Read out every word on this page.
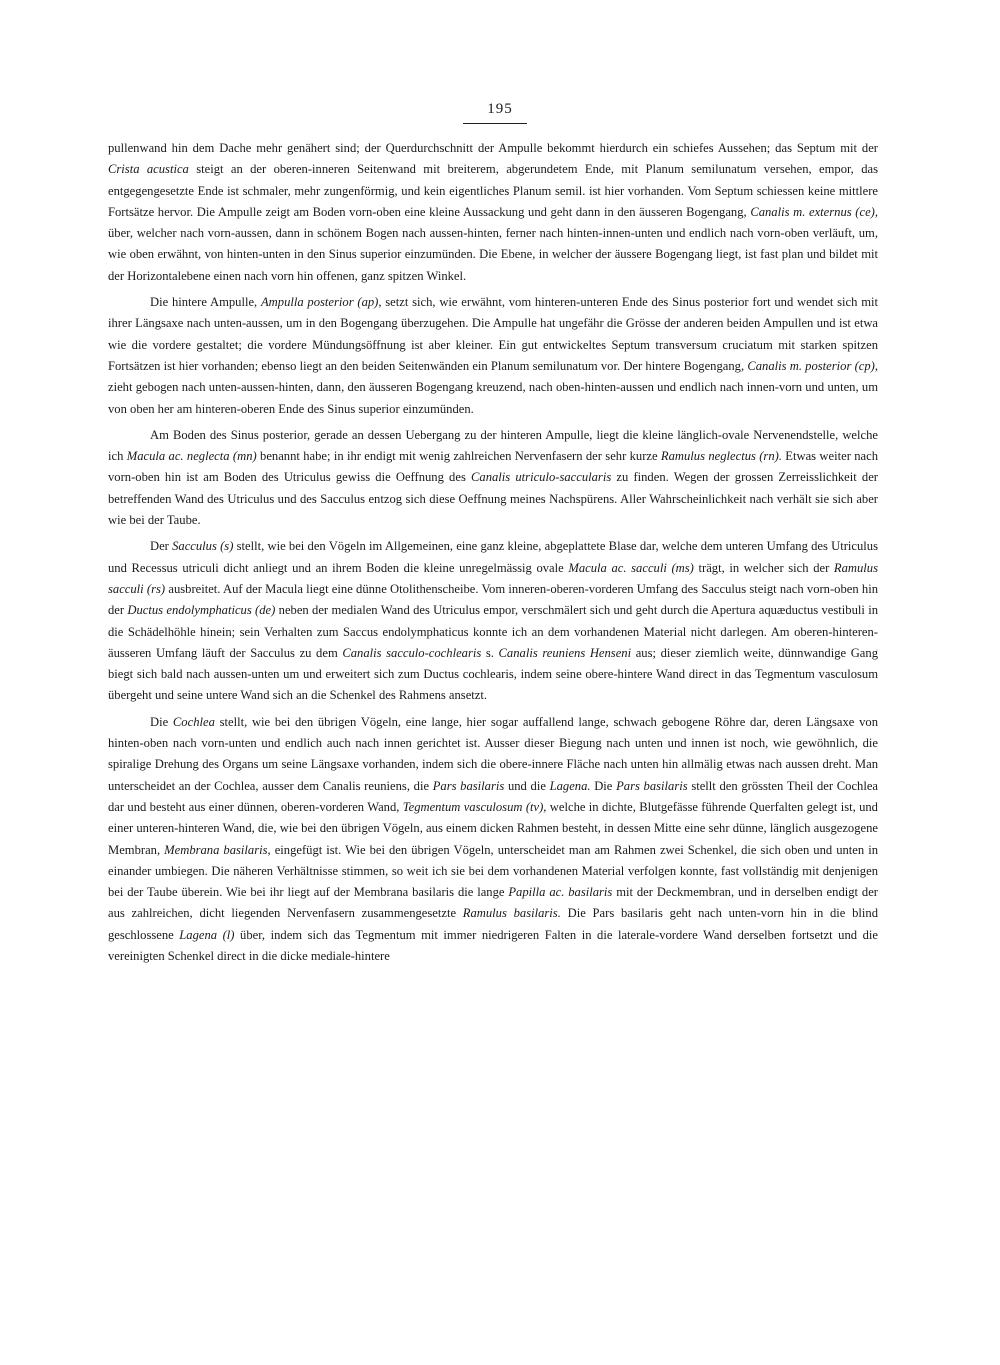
195

pullenwand hin dem Dache mehr genähert sind; der Querdurchschnitt der Ampulle bekommt hierdurch ein schiefes Aussehen; das Septum mit der Crista acustica steigt an der oberen-inneren Seitenwand mit breiterem, abgerundetem Ende, mit Planum semilunatum versehen, empor, das entgegengesetzte Ende ist schmaler, mehr zungenförmig, und kein eigentliches Planum semil. ist hier vorhanden. Vom Septum schiessen keine mittlere Fortsätze hervor. Die Ampulle zeigt am Boden vorn-oben eine kleine Aussackung und geht dann in den äusseren Bogengang, Canalis m. externus (ce), über, welcher nach vorn-aussen, dann in schönem Bogen nach aussen-hinten, ferner nach hinten-innen-unten und endlich nach vorn-oben verläuft, um, wie oben erwähnt, von hinten-unten in den Sinus superior einzumünden. Die Ebene, in welcher der äussere Bogengang liegt, ist fast plan und bildet mit der Horizontalebene einen nach vorn hin offenen, ganz spitzen Winkel.

Die hintere Ampulle, Ampulla posterior (ap), setzt sich, wie erwähnt, vom hinteren-unteren Ende des Sinus posterior fort und wendet sich mit ihrer Längsaxe nach unten-aussen, um in den Bogengang überzugehen. Die Ampulle hat ungefähr die Grösse der anderen beiden Ampullen und ist etwa wie die vordere gestaltet; die vordere Mündungsöffnung ist aber kleiner. Ein gut entwickeltes Septum transversum cruciatum mit starken spitzen Fortsätzen ist hier vorhanden; ebenso liegt an den beiden Seitenwänden ein Planum semilunatum vor. Der hintere Bogengang, Canalis m. posterior (cp), zieht gebogen nach unten-aussen-hinten, dann, den äusseren Bogengang kreuzend, nach oben-hinten-aussen und endlich nach innen-vorn und unten, um von oben her am hinteren-oberen Ende des Sinus superior einzumünden.

Am Boden des Sinus posterior, gerade an dessen Uebergang zu der hinteren Ampulle, liegt die kleine länglich-ovale Nervenendstelle, welche ich Macula ac. neglecta (mn) benannt habe; in ihr endigt mit wenig zahlreichen Nervenfasern der sehr kurze Ramulus neglectus (rn). Etwas weiter nach vorn-oben hin ist am Boden des Utriculus gewiss die Oeffnung des Canalis utriculo-saccularis zu finden. Wegen der grossen Zerreisslichkeit der betreffenden Wand des Utriculus und des Sacculus entzog sich diese Oeffnung meines Nachspürens. Aller Wahrscheinlichkeit nach verhält sie sich aber wie bei der Taube.

Der Sacculus (s) stellt, wie bei den Vögeln im Allgemeinen, eine ganz kleine, abgeplattete Blase dar, welche dem unteren Umfang des Utriculus und Recessus utriculi dicht anliegt und an ihrem Boden die kleine unregelmässig ovale Macula ac. sacculi (ms) trägt, in welcher sich der Ramulus sacculi (rs) ausbreitet. Auf der Macula liegt eine dünne Otolithenscheibe. Vom inneren-oberen-vorderen Umfang des Sacculus steigt nach vorn-oben hin der Ductus endolymphaticus (de) neben der medialen Wand des Utriculus empor, verschmälert sich und geht durch die Apertura aquæductus vestibuli in die Schädelhöhle hinein; sein Verhalten zum Saccus endolymphaticus konnte ich an dem vorhandenen Material nicht darlegen. Am oberen-hinteren-äusseren Umfang läuft der Sacculus zu dem Canalis sacculo-cochlearis s. Canalis reuniens Henseni aus; dieser ziemlich weite, dünnwandige Gang biegt sich bald nach aussen-unten um und erweitert sich zum Ductus cochlearis, indem seine obere-hintere Wand direct in das Tegmentum vasculosum übergeht und seine untere Wand sich an die Schenkel des Rahmens ansetzt.

Die Cochlea stellt, wie bei den übrigen Vögeln, eine lange, hier sogar auffallend lange, schwach gebogene Röhre dar, deren Längsaxe von hinten-oben nach vorn-unten und endlich auch nach innen gerichtet ist. Ausser dieser Biegung nach unten und innen ist noch, wie gewöhnlich, die spiralige Drehung des Organs um seine Längsaxe vorhanden, indem sich die obere-innere Fläche nach unten hin allmälig etwas nach aussen dreht. Man unterscheidet an der Cochlea, ausser dem Canalis reuniens, die Pars basilaris und die Lagena. Die Pars basilaris stellt den grössten Theil der Cochlea dar und besteht aus einer dünnen, oberen-vorderen Wand, Tegmentum vasculosum (tv), welche in dichte, Blutgefässe führende Querfalten gelegt ist, und einer unteren-hinteren Wand, die, wie bei den übrigen Vögeln, aus einem dicken Rahmen besteht, in dessen Mitte eine sehr dünne, länglich ausgezogene Membran, Membrana basilaris, eingefügt ist. Wie bei den übrigen Vögeln, unterscheidet man am Rahmen zwei Schenkel, die sich oben und unten in einander umbiegen. Die näheren Verhältnisse stimmen, so weit ich sie bei dem vorhandenen Material verfolgen konnte, fast vollständig mit denjenigen bei der Taube überein. Wie bei ihr liegt auf der Membrana basilaris die lange Papilla ac. basilaris mit der Deckmembran, und in derselben endigt der aus zahlreichen, dicht liegenden Nervenfasern zusammengesetzte Ramulus basilaris. Die Pars basilaris geht nach unten-vorn hin in die blind geschlossene Lagena (l) über, indem sich das Tegmentum mit immer niedrigeren Falten in die laterale-vordere Wand derselben fortsetzt und die vereinigten Schenkel direct in die dicke mediale-hintere
